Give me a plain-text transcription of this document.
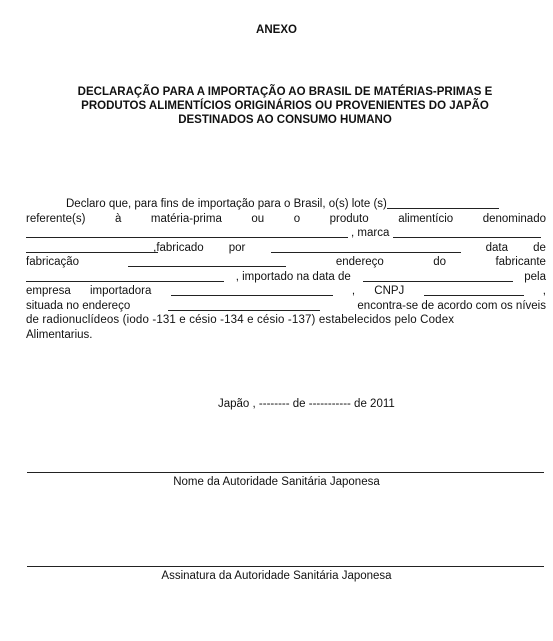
ANEXO
DECLARAÇÃO PARA A IMPORTAÇÃO AO BRASIL DE MATÉRIAS-PRIMAS E
PRODUTOS ALIMENTÍCIOS ORIGINÁRIOS OU PROVENIENTES DO JAPÃO
DESTINADOS AO CONSUMO HUMANO
Declaro que, para fins de importação para o Brasil, o(s) lote (s)
referente(s)	à	matéria-prima	ou	o	produto	alimentício	denominado
, marca
,fabricado por	data de
fabricação	endereço	do	fabricante
, importado na data de	pela
empresa importadora	, CNPJ	,
situada no endereço	encontra-se de acordo com os níveis
de radionuclídeos (iodo -131 e césio -134 e césio -137) estabelecidos pelo Codex
Alimentarius.
Japão , -------- de ----------- de 2011
Nome da Autoridade Sanitária Japonesa
Assinatura da Autoridade Sanitária Japonesa
